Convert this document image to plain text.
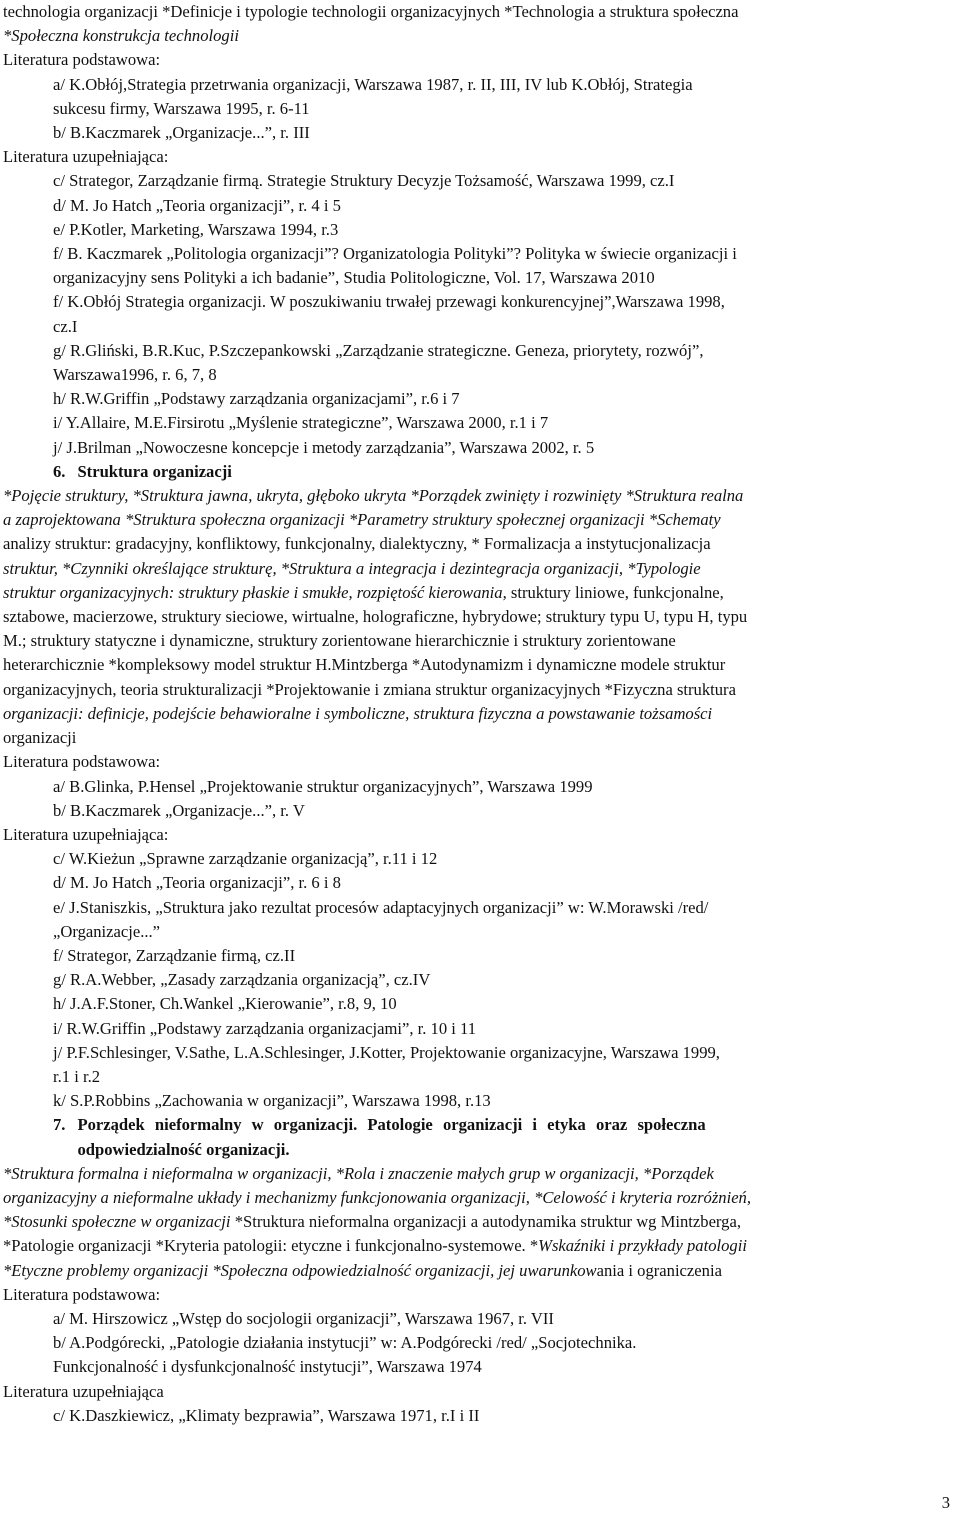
technologia organizacji *Definicje i typologie technologii organizacyjnych *Technologia a struktura społeczna

*Społeczna konstrukcja technologii

Literatura podstawowa:

a/ K.Obłój,Strategia przetrwania organizacji, Warszawa 1987, r. II, III, IV lub K.Obłój, Strategia

sukcesu firmy, Warszawa 1995, r. 6-11

b/ B.Kaczmarek „Organizacje...”, r. III

Literatura uzupełniająca:

c/ Strategor, Zarządzanie firmą. Strategie Struktury Decyzje Tożsamość, Warszawa 1999, cz.I

d/ M. Jo Hatch „Teoria organizacji”, r. 4 i 5

e/ P.Kotler, Marketing, Warszawa 1994, r.3

f/ B. Kaczmarek „Politologia organizacji”? Organizatologia Polityki”? Polityka w świecie organizacji i

organizacyjny sens Polityki a ich badanie”, Studia Politologiczne, Vol. 17, Warszawa 2010

f/ K.Obłój Strategia organizacji. W poszukiwaniu trwałej przewagi konkurencyjnej”,Warszawa 1998,

cz.I

g/ R.Gliński, B.R.Kuc, P.Szczepankowski „Zarządzanie strategiczne. Geneza, priorytety, rozwój”,

Warszawa1996, r. 6, 7, 8

h/ R.W.Griffin „Podstawy zarządzania organizacjami”, r.6 i 7

i/ Y.Allaire, M.E.Firsirotu „Myślenie strategiczne”, Warszawa 2000, r.1 i 7

j/ J.Brilman „Nowoczesne koncepcje i metody zarządzania”, Warszawa 2002, r. 5

6. Struktura organizacji

*Pojęcie struktury, *Struktura jawna, ukryta, głęboko ukryta *Porządek zwinięty i rozwinięty *Struktura realna

a zaprojektowana *Struktura społeczna organizacji *Parametry struktury społecznej organizacji *Schematy

analizy struktur: gradacyjny, konfliktowy, funkcjonalny, dialektyczny, * Formalizacja a instytucjonalizacja

struktur, *Czynniki określające strukturę, *Struktura a integracja i dezintegracja organizacji, *Typologie

struktur organizacyjnych: struktury płaskie i smukłe, rozpiętość kierowania, struktury liniowe, funkcjonalne,

sztabowe, macierzowe, struktury sieciowe, wirtualne, holograficzne, hybrydowe; struktury typu U, typu H, typu

M.; struktury statyczne i dynamiczne, struktury zorientowane hierarchicznie i struktury zorientowane

heterarchicznie *kompleksowy model struktur H.Mintzberga *Autodynamizm i dynamiczne modele struktur

organizacyjnych, teoria strukturalizacji *Projektowanie i zmiana struktur organizacyjnych *Fizyczna struktura

organizacji: definicje, podejście behawioralne i symboliczne, struktura fizyczna a powstawanie tożsamości

organizacji

Literatura podstawowa:

a/ B.Glinka, P.Hensel „Projektowanie struktur organizacyjnych”, Warszawa 1999

b/ B.Kaczmarek „Organizacje...”, r. V

Literatura uzupełniająca:

c/ W.Kieżun „Sprawne zarządzanie organizacją”, r.11 i 12

d/ M. Jo Hatch „Teoria organizacji”, r. 6 i 8

e/ J.Staniszkis, „Struktura jako rezultat procesów adaptacyjnych organizacji” w: W.Morawski /red/

„Organizacje...”

f/ Strategor, Zarządzanie firmą, cz.II

g/ R.A.Webber, „Zasady zarządzania organizacją”, cz.IV

h/ J.A.F.Stoner, Ch.Wankel „Kierowanie”, r.8, 9, 10

i/ R.W.Griffin „Podstawy zarządzania organizacjami”, r. 10 i 11

j/ P.F.Schlesinger, V.Sathe, L.A.Schlesinger, J.Kotter, Projektowanie organizacyjne, Warszawa 1999,

r.1 i r.2

k/ S.P.Robbins „Zachowania w organizacji”, Warszawa 1998, r.13

7. Porządek nieformalny w organizacji. Patologie organizacji i etyka oraz społeczna

odpowiedzialność organizacji.

*Struktura formalna i nieformalna w organizacji, *Rola i znaczenie małych grup w organizacji, *Porządek

organizacyjny a nieformalne układy i mechanizmy funkcjonowania organizacji, *Celowość i kryteria rozróżnień,

*Stosunki społeczne w organizacji *Struktura nieformalna organizacji a autodynamika struktur wg Mintzberga,

*Patologie organizacji *Kryteria patologii: etyczne i funkcjonalno-systemowe. *Wskaźniki i przykłady patologii

*Etyczne problemy organizacji *Społeczna odpowiedzialność organizacji, jej uwarunkowania i ograniczenia

Literatura podstawowa:

a/ M. Hirszowicz „Wstęp do socjologii organizacji”, Warszawa 1967, r. VII

b/ A.Podgórecki, „Patologie działania instytucji” w: A.Podgórecki /red/ „Socjotechnika.

Funkcjonalność i dysfunkcjonalność instytucji”, Warszawa 1974

Literatura uzupełniająca

c/ K.Daszkiewicz, „Klimaty bezprawia”, Warszawa 1971, r.I i II

3
